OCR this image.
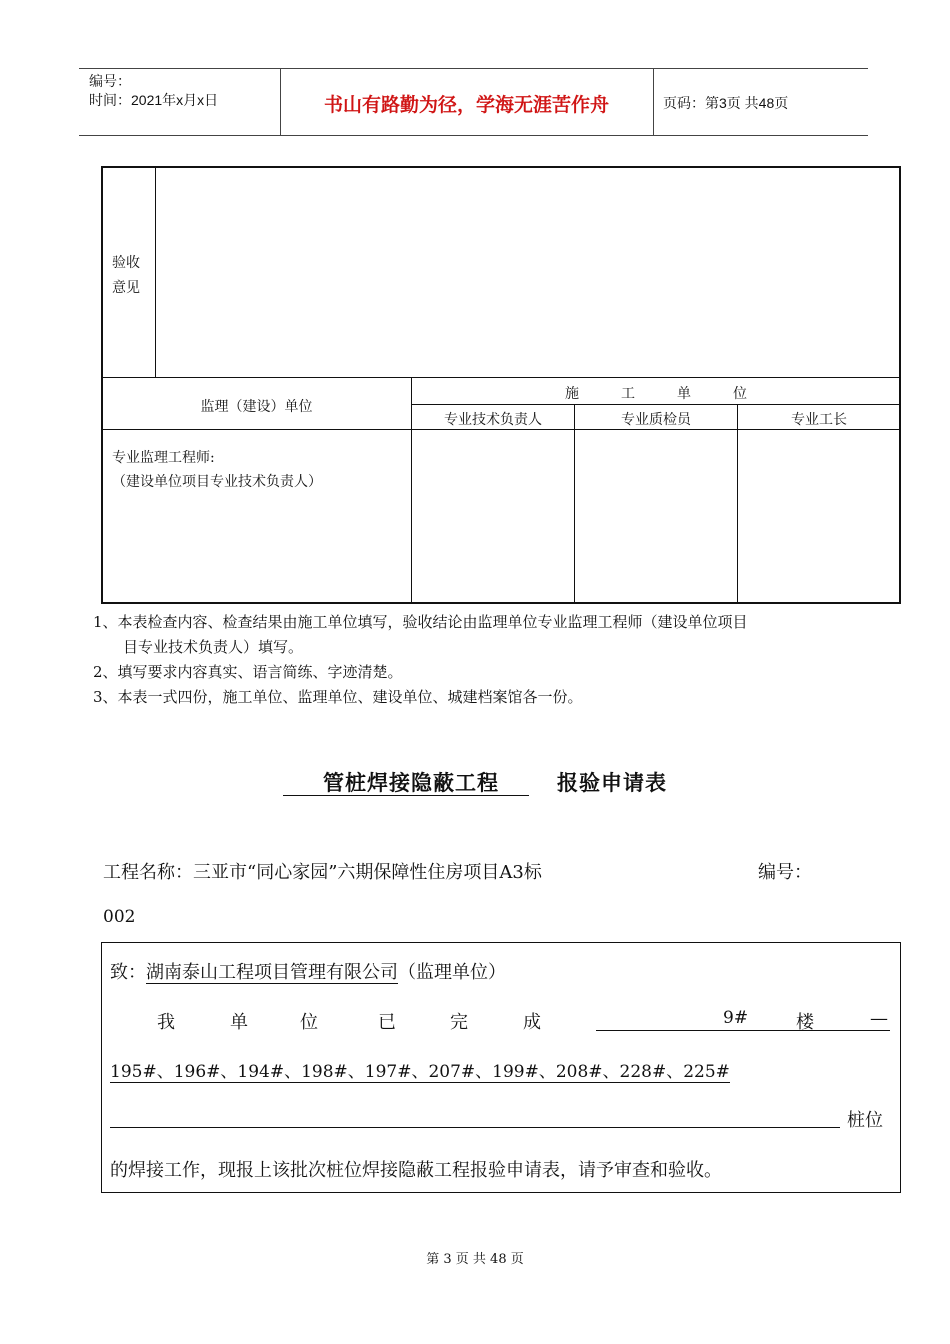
编号：
时间：2021年x月x日	书山有路勤为径，学海无涯苦作舟	页码：第3页 共48页
验收
意见
监理（建设）单位
施　　　工　　　单　　　位
专业技术负责人	专业质检员	专业工长
专业监理工程师:
（建设单位项目专业技术负责人）
1、本表检查内容、检查结果由施工单位填写，验收结论由监理单位专业监理工程师（建设单位项目
　　目专业技术负责人）填写。
2、填写要求内容真实、语言简练、字迹清楚。
3、本表一式四份，施工单位、监理单位、建设单位、城建档案馆各一份。
管桩焊接隐蔽工程	报验申请表
工程名称：三亚市“同心家园”六期保障性住房项目A3标	编号：
002
致：湖南泰山工程项目管理有限公司（监理单位）
我	单	位	已	完	成	9#	楼	—
195#、196#、194#、198#、197#、207#、199#、208#、228#、225#
桩位
的焊接工作，现报上该批次桩位焊接隐蔽工程报验申请表，请予审查和验收。
第 3 页 共 48 页
